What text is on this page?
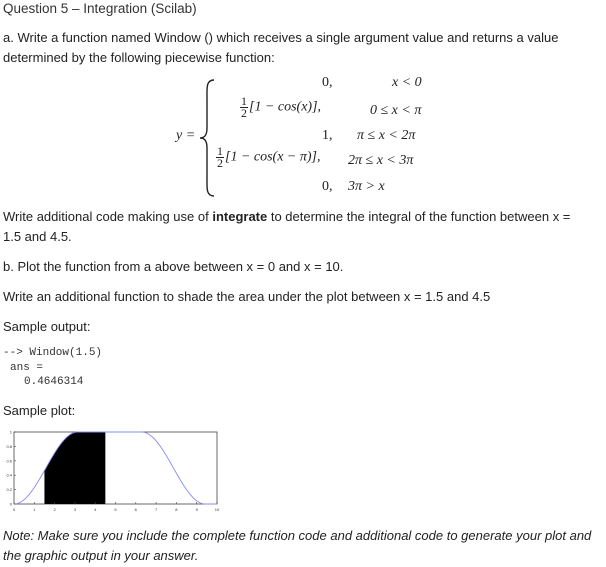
Question 5 – Integration (Scilab)
a. Write a function named Window () which receives a single argument value and returns a value
determined by the following piecewise function:
y =
0,	x < 0
$\frac{1}{2} [1 - \cos(x)]$,	0 ≤ x < π
1, π ≤ x < 2π
$\frac{1}{2} [1 - \cos(x - \pi)]$, 2π ≤ x < 3π
0, 3π > x
Write additional code making use of integrate to determine the integral of the function between x =
1.5 and 4.5.
b. Plot the function from a above between x = 0 and x = 10.
Write an additional function to shade the area under the plot between x = 1.5 and 4.5
Sample output:
--> Window(1.5)
ans =
0.4646314
Sample plot:
0	1	2	3	4	5	6	7	8	9	10
0
0.2
0.4
0.6
0.8
1
Note: Make sure you include the complete function code and additional code to generate your plot and the graphic output in your answer.
